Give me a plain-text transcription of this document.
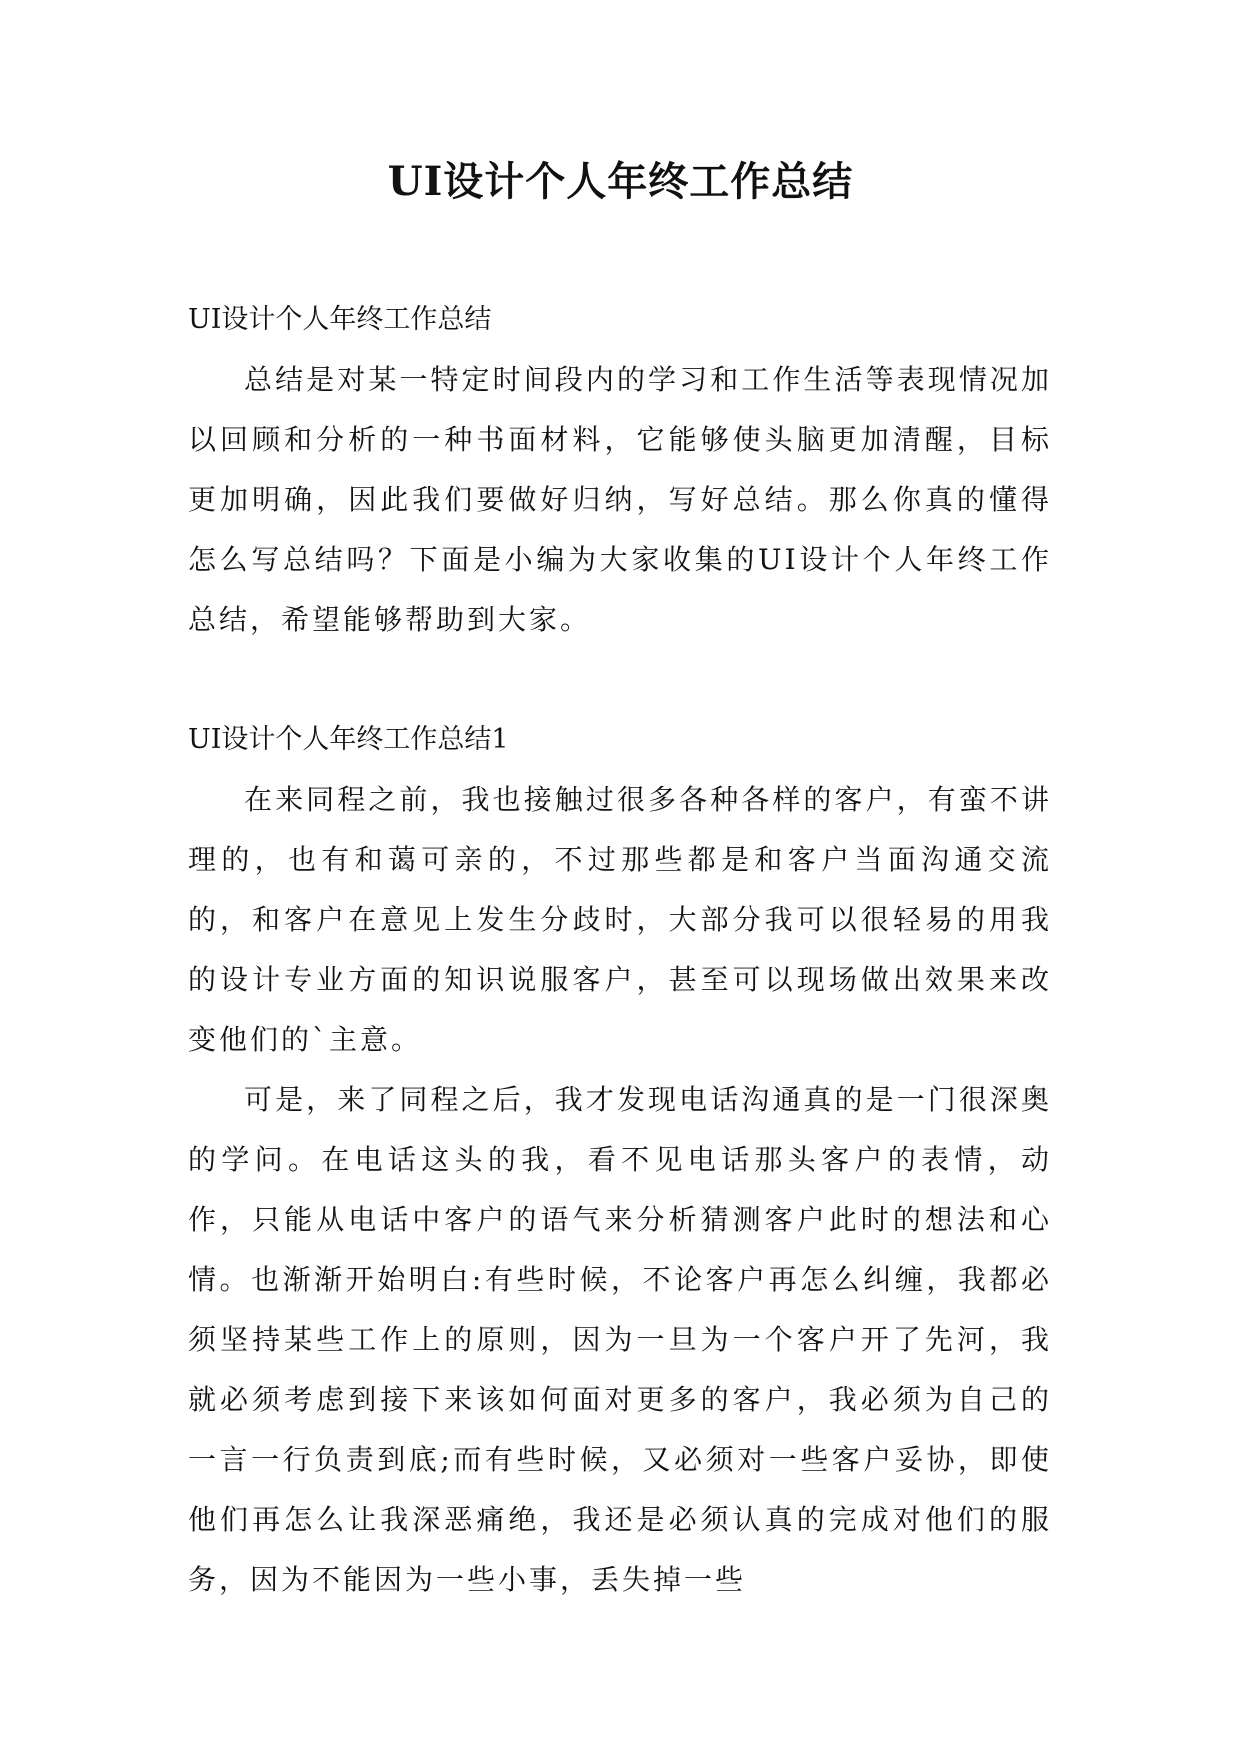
UI设计个人年终工作总结

UI设计个人年终工作总结

总结是对某一特定时间段内的学习和工作生活等表现情况加以回顾和分析的一种书面材料，它能够使头脑更加清醒，目标更加明确，因此我们要做好归纳，写好总结。那么你真的懂得怎么写总结吗？下面是小编为大家收集的UI设计个人年终工作总结，希望能够帮助到大家。

UI设计个人年终工作总结1

在来同程之前，我也接触过很多各种各样的客户，有蛮不讲理的，也有和蔼可亲的，不过那些都是和客户当面沟通交流的，和客户在意见上发生分歧时，大部分我可以很轻易的用我的设计专业方面的知识说服客户，甚至可以现场做出效果来改变他们的`主意。

可是，来了同程之后，我才发现电话沟通真的是一门很深奥的学问。在电话这头的我，看不见电话那头客户的表情，动作，只能从电话中客户的语气来分析猜测客户此时的想法和心情。也渐渐开始明白:有些时候，不论客户再怎么纠缠，我都必须坚持某些工作上的原则，因为一旦为一个客户开了先河，我就必须考虑到接下来该如何面对更多的客户，我必须为自己的一言一行负责到底;而有些时候，又必须对一些客户妥协，即使他们再怎么让我深恶痛绝，我还是必须认真的完成对他们的服务，因为不能因为一些小事，丢失掉一些
